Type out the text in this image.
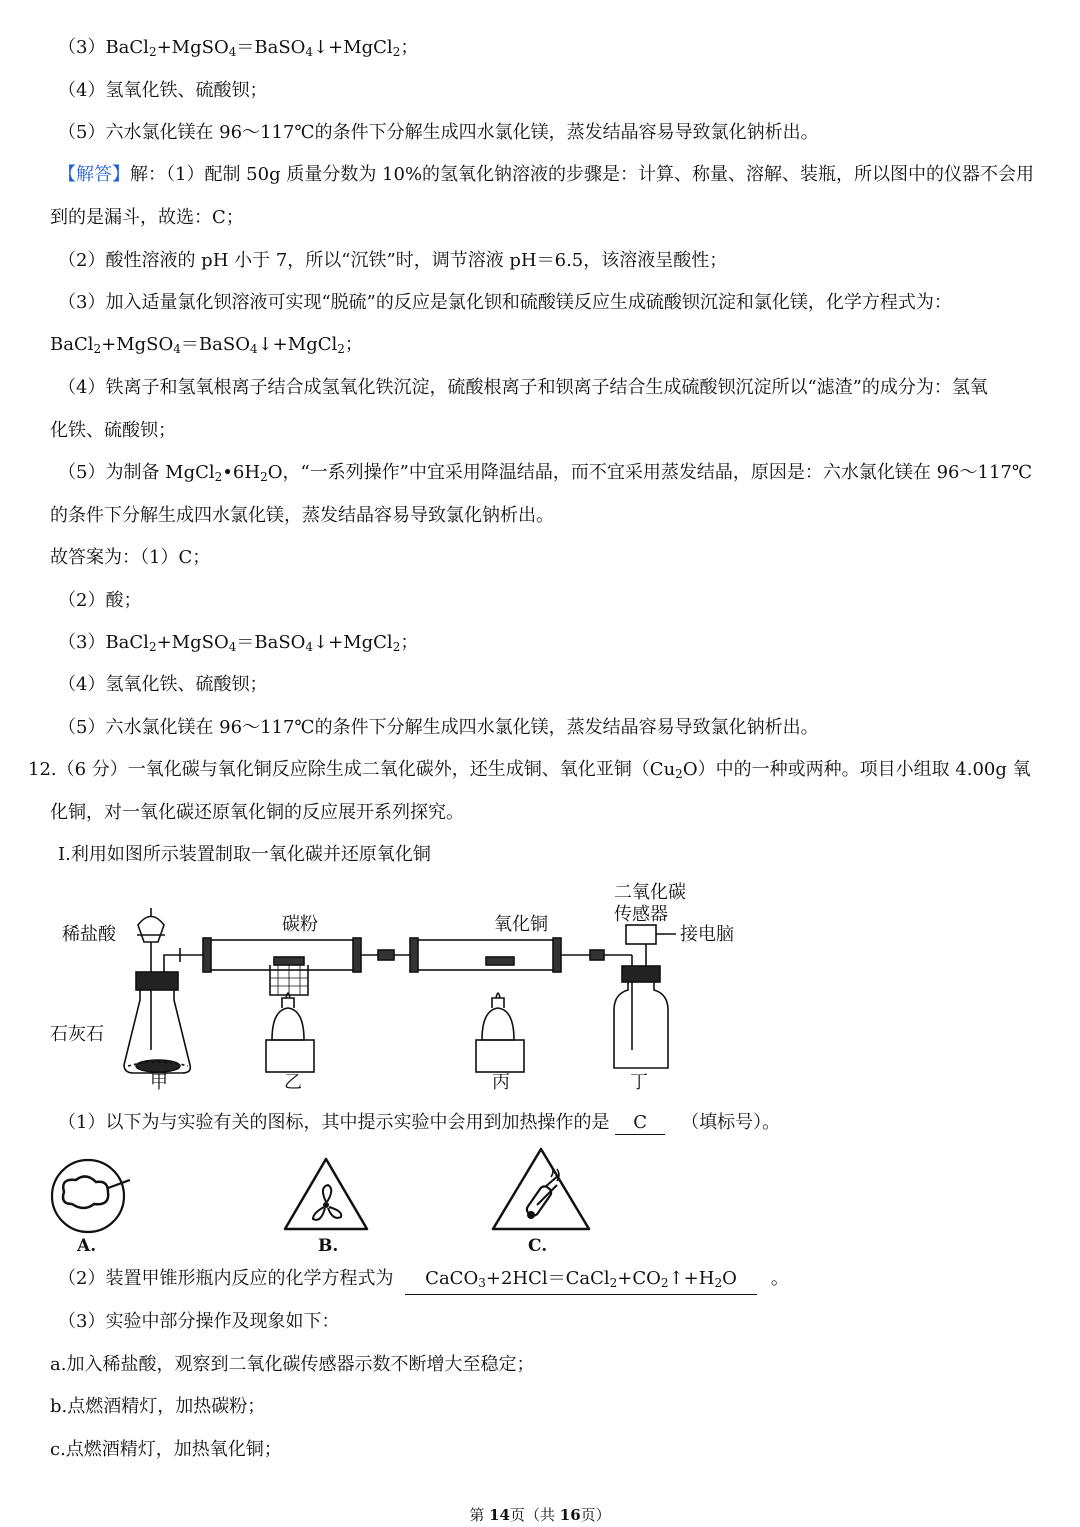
（3）BaCl$_2$+MgSO$_4$＝BaSO$_4$↓+MgCl$_2$；
（4）氢氧化铁、硫酸钡；
（5）六水氯化镁在 96～117℃的条件下分解生成四水氯化镁，蒸发结晶容易导致氯化钠析出。
【解答】解：（1）配制 50g 质量分数为 10%的氢氧化钠溶液的步骤是：计算、称量、溶解、装瓶，所以图中的仪器不会用
到的是漏斗，故选：C；
（2）酸性溶液的 pH 小于 7，所以“沉铁”时，调节溶液 pH＝6.5，该溶液呈酸性；
（3）加入适量氯化钡溶液可实现“脱硫”的反应是氯化钡和硫酸镁反应生成硫酸钡沉淀和氯化镁，化学方程式为：
BaCl$_2$+MgSO$_4$＝BaSO$_4$↓+MgCl$_2$；
（4）铁离子和氢氧根离子结合成氢氧化铁沉淀，硫酸根离子和钡离子结合生成硫酸钡沉淀所以“滤渣”的成分为：氢氧
化铁、硫酸钡；
（5）为制备 $MgCl_2•6H_2O$，“一系列操作”中宜采用降温结晶，而不宜采用蒸发结晶，原因是：六水氯化镁在 96～117℃
的条件下分解生成四水氯化镁，蒸发结晶容易导致氯化钠析出。
故答案为：（1）C；
（2）酸；
（3）BaCl$_2$+MgSO$_4$＝BaSO$_4$↓+MgCl$_2$；
（4）氢氧化铁、硫酸钡；
（5）六水氯化镁在 96～117℃的条件下分解生成四水氯化镁，蒸发结晶容易导致氯化钠析出。
12.（6 分）一氧化碳与氧化铜反应除生成二氧化碳外，还生成铜、氧化亚铜$(Cu_2O)$中的一种或两种。项目小组取 4.00g 氧
化铜，对一氧化碳还原氧化铜的反应展开系列探究。
Ⅰ.利用如图所示装置制取一氧化碳并还原氧化铜
稀盐酸	碳粉	氧化铜
二氧化碳
传感器
接电脑
石灰石
甲	乙	丙	丁
（1）以下为与实验有关的图标，其中提示实验中会用到加热操作的是 C （填标号）。
A.	B.	C.
（2）装置甲锥形瓶内反应的化学方程式为 $CaCO_3+2HCl=CaCl_2+CO_2↑+H_2O$ 。
（3）实验中部分操作及现象如下：
a.加入稀盐酸，观察到二氧化碳传感器示数不断增大至稳定；
b.点燃酒精灯，加热碳粉；
c.点燃酒精灯，加热氧化铜；
第 14页（共 16页）
